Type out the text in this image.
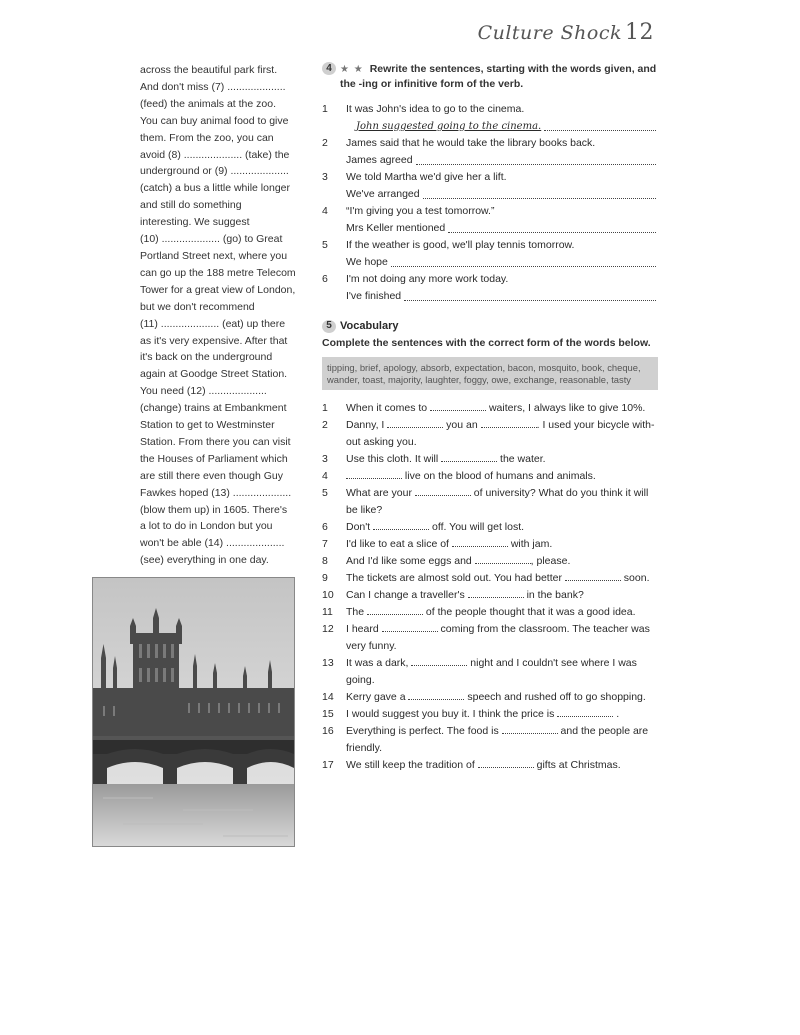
Culture Shock 12

across the beautiful park first.

And don't miss (7) ....................

(feed) the animals at the zoo.

You can buy animal food to give

them. From the zoo, you can

avoid (8) .................... (take) the

underground or (9) ....................

(catch) a bus a little while longer

and still do something

interesting. We suggest

(10) .................... (go) to Great

Portland Street next, where you

can go up the 188 metre Telecom

Tower for a great view of London,

but we don't recommend

(11) .................... (eat) up there

as it's very expensive. After that

it's back on the underground

again at Goodge Street Station.

You need (12) ....................

(change) trains at Embankment

Station to get to Westminster

Station. From there you can visit

the Houses of Parliament which

are still there even though Guy

Fawkes hoped (13) ....................

(blow them up) in 1605. There's

a lot to do in London but you

won't be able (14) ....................

(see) everything in one day.

4 ★ ★ Rewrite the sentences, starting with the words given, and the -ing or infinitive form of the verb.
1	It was John's idea to go to the cinema.
John suggested going to the cinema.
2	James said that he would take the library books back.
James agreed
3	We told Martha we'd give her a lift.
We've arranged
4	“I'm giving you a test tomorrow.”
Mrs Keller mentioned
5	If the weather is good, we'll play tennis tomorrow.
We hope
6	I'm not doing any more work today.
I've finished
5 Vocabulary
Complete the sentences with the correct form of the words below.
tipping, brief, apology, absorb, expectation, bacon, mosquito, book, cheque, wander, toast, majority, laughter, foggy, owe, exchange, reasonable, tasty
1	When it comes to	waiters, I always like to give 10%.
2	Danny, I	you an	. I used your bicycle with-
out asking you.
3	Use this cloth. It will	the water.
4	live on the blood of humans and animals.
5	What are your	of university? What do you think it will
be like?
6	Don't	off. You will get lost.
7	I'd like to eat a slice of	with jam.
8	And I'd like some eggs and	, please.
9	The tickets are almost sold out. You had better	soon.
10	Can I change a traveller's	in the bank?
11	The	of the people thought that it was a good idea.
12	I heard	coming from the classroom. The teacher was
very funny.
13	It was a dark,	night and I couldn't see where I was
going.
14	Kerry gave a	speech and rushed off to go shopping.
15	I would suggest you buy it. I think the price is	.
16	Everything is perfect. The food is	and the people are
friendly.
17	We still keep the tradition of	gifts at Christmas.
